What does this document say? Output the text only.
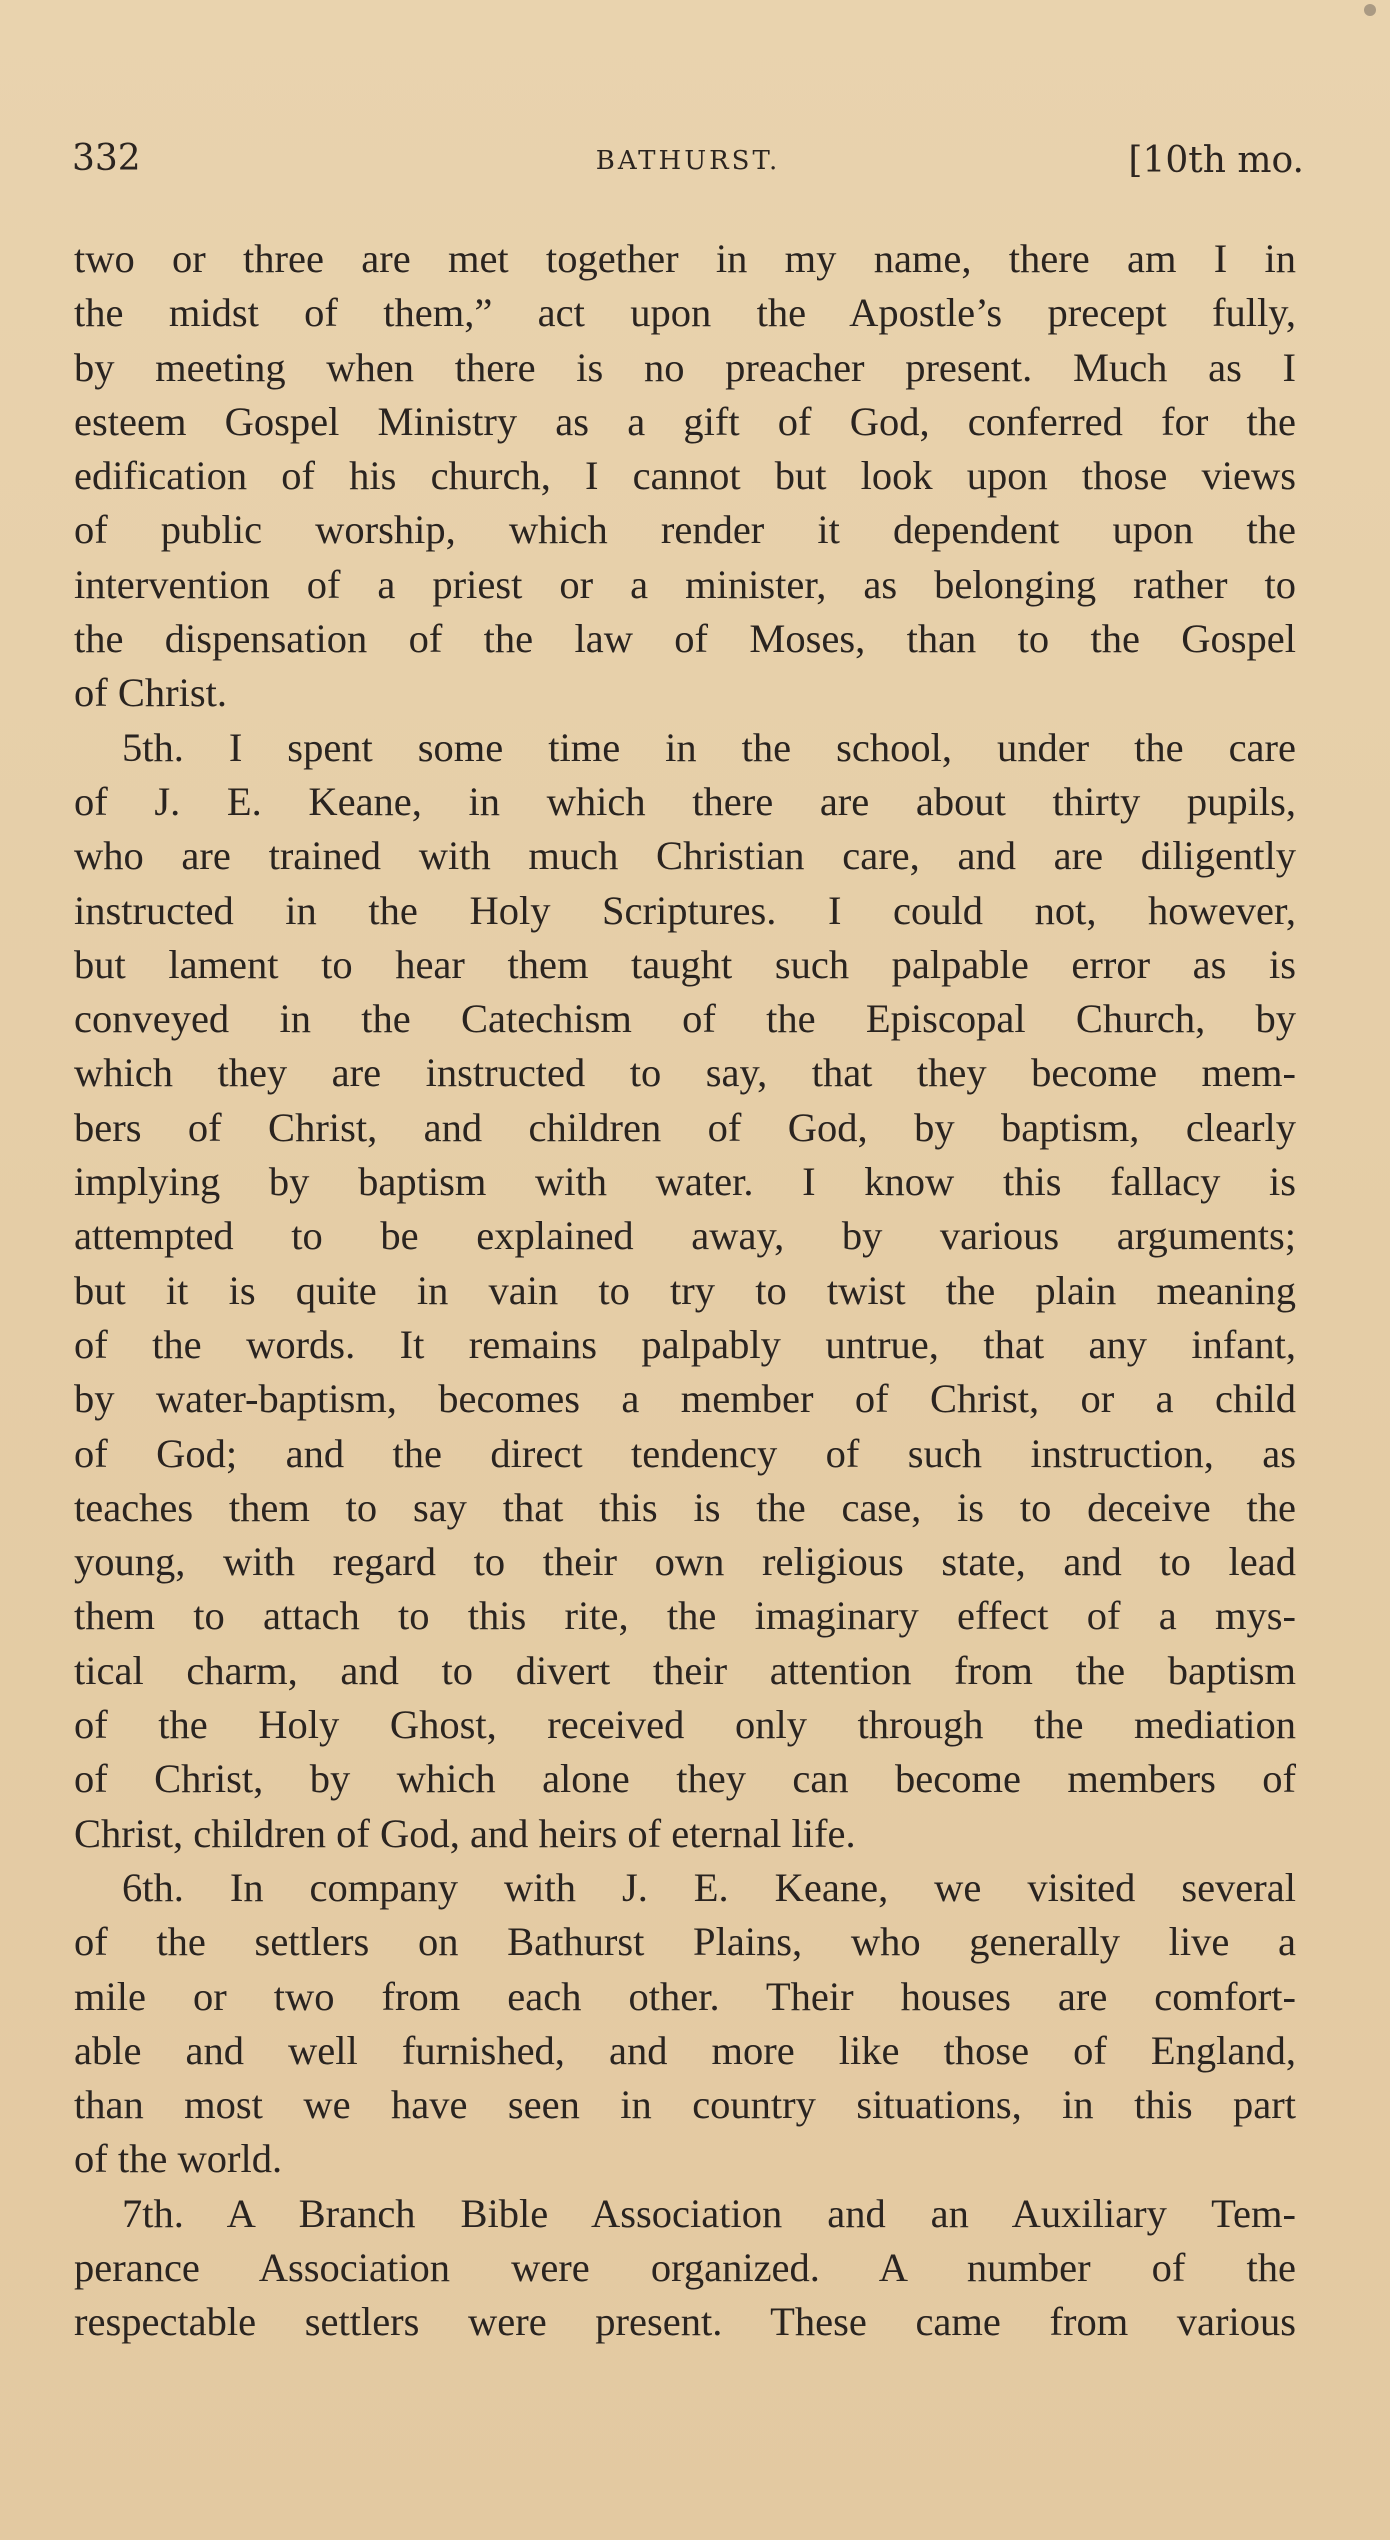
332	BATHURST.	[10th mo.
two or three are met together in my name, there am I in
the midst of them,” act upon the Apostle’s precept fully,
by meeting when there is no preacher present. Much as I
esteem Gospel Ministry as a gift of God, conferred for the
edification of his church, I cannot but look upon those views
of public worship, which render it dependent upon the
intervention of a priest or a minister, as belonging rather to
the dispensation of the law of Moses, than to the Gospel
of Christ.
5th. I spent some time in the school, under the care
of J. E. Keane, in which there are about thirty pupils,
who are trained with much Christian care, and are diligently
instructed in the Holy Scriptures. I could not, however,
but lament to hear them taught such palpable error as is
conveyed in the Catechism of the Episcopal Church, by
which they are instructed to say, that they become mem-
bers of Christ, and children of God, by baptism, clearly
implying by baptism with water. I know this fallacy is
attempted to be explained away, by various arguments;
but it is quite in vain to try to twist the plain meaning
of the words. It remains palpably untrue, that any infant,
by water-baptism, becomes a member of Christ, or a child
of God; and the direct tendency of such instruction, as
teaches them to say that this is the case, is to deceive the
young, with regard to their own religious state, and to lead
them to attach to this rite, the imaginary effect of a mys-
tical charm, and to divert their attention from the baptism
of the Holy Ghost, received only through the mediation
of Christ, by which alone they can become members of
Christ, children of God, and heirs of eternal life.
6th. In company with J. E. Keane, we visited several
of the settlers on Bathurst Plains, who generally live a
mile or two from each other. Their houses are comfort-
able and well furnished, and more like those of England,
than most we have seen in country situations, in this part
of the world.
7th. A Branch Bible Association and an Auxiliary Tem-
perance Association were organized. A number of the
respectable settlers were present. These came from various
